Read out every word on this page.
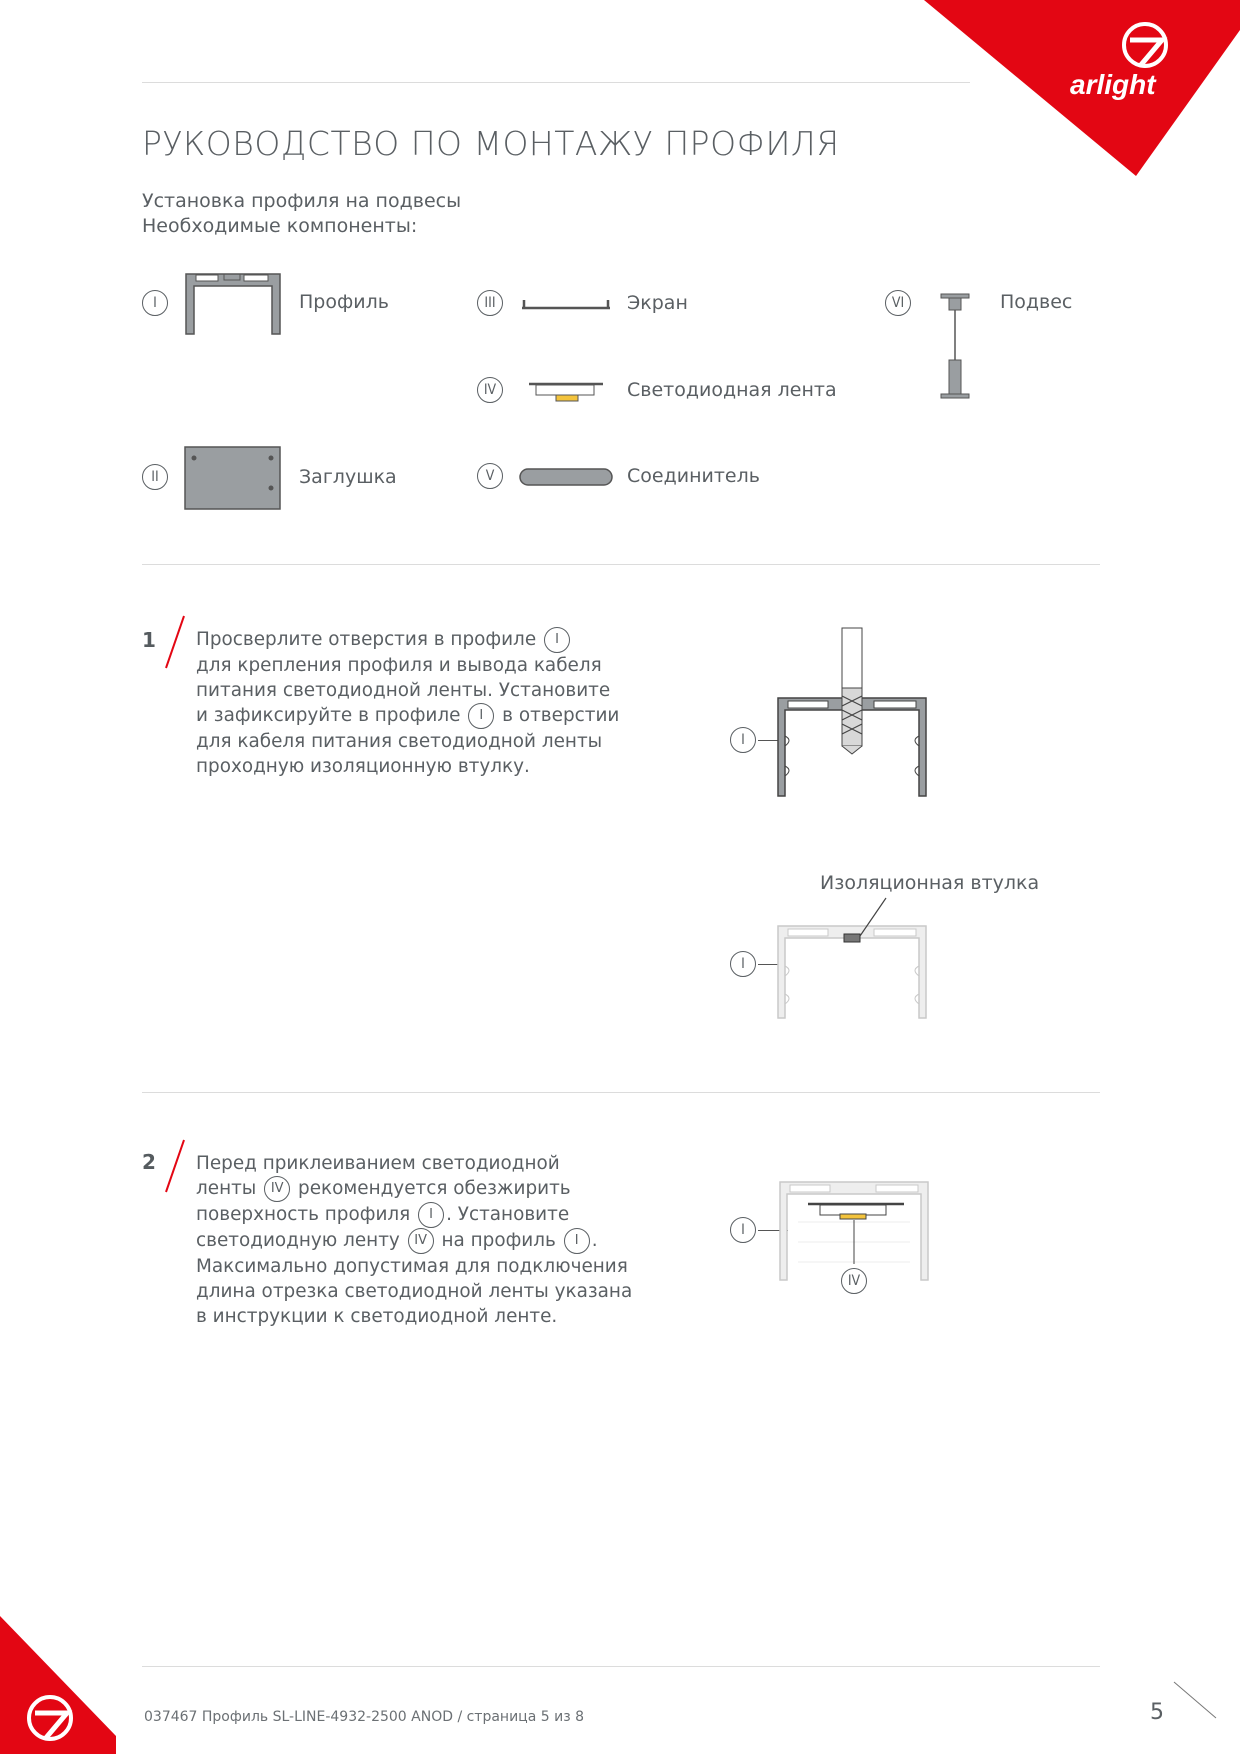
arlight
РУКОВОДСТВО ПО МОНТАЖУ ПРОФИЛЯ
Установка профиля на подвесы
Необходимые компоненты:
I	Профиль
II	Заглушка
III	Экран
IV	Светодиодная лента
V	Соединитель
VI	Подвес
1 Просверлите отверстия в профиле I
для крепления профиля и вывода кабеля
питания светодиодной ленты. Установите
и зафиксируйте в профиле I в отверстии
для кабеля питания светодиодной ленты
проходную изоляционную втулку.
I
Изоляционная втулка
I
2 Перед приклеиванием светодиодной
ленты IV рекомендуется обезжирить
поверхность профиля I . Установите
светодиодную ленту IV на профиль I .
Максимально допустимая для подключения
длина отрезка светодиодной ленты указана
в инструкции к светодиодной ленте.
I
IV
037467 Профиль SL-LINE-4932-2500 ANOD / страница 5 из 8	5
